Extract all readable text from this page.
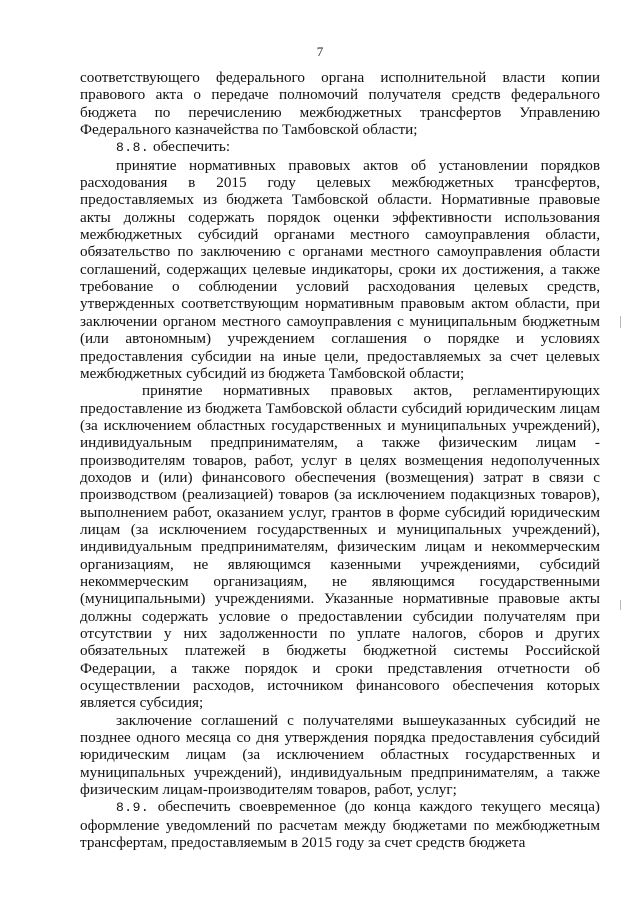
7

соответствующего федерального органа исполнительной власти копии правового акта о передаче полномочий получателя средств федерального бюджета по перечислению межбюджетных трансфертов Управлению Федерального казначейства по Тамбовской области;

8.8. обеспечить:

принятие нормативных правовых актов об установлении порядков расходования в 2015 году целевых межбюджетных трансфертов, предоставляемых из бюджета Тамбовской области. Нормативные правовые акты должны содержать порядок оценки эффективности использования межбюджетных субсидий органами местного самоуправления области, обязательство по заключению с органами местного самоуправления области соглашений, содержащих целевые индикаторы, сроки их достижения, а также требование о соблюдении условий расходования целевых средств, утвержденных соответствующим нормативным правовым актом области, при заключении органом местного самоуправления с муниципальным бюджетным (или автономным) учреждением соглашения о порядке и условиях предоставления субсидии на иные цели, предоставляемых за счет целевых межбюджетных субсидий из бюджета Тамбовской области;

принятие нормативных правовых актов, регламентирующих предоставление из бюджета Тамбовской области субсидий юридическим лицам (за исключением областных государственных и муниципальных учреждений), индивидуальным предпринимателям, а также физическим лицам - производителям товаров, работ, услуг в целях возмещения недополученных доходов и (или) финансового обеспечения (возмещения) затрат в связи с производством (реализацией) товаров (за исключением подакцизных товаров), выполнением работ, оказанием услуг, грантов в форме субсидий юридическим лицам (за исключением государственных и муниципальных учреждений), индивидуальным предпринимателям, физическим лицам и некоммерческим организациям, не являющимся казенными учреждениями, субсидий некоммерческим организациям, не являющимся государственными (муниципальными) учреждениями. Указанные нормативные правовые акты должны содержать условие о предоставлении субсидии получателям при отсутствии у них задолженности по уплате налогов, сборов и других обязательных платежей в бюджеты бюджетной системы Российской Федерации, а также порядок и сроки представления отчетности об осуществлении расходов, источником финансового обеспечения которых является субсидия;

заключение соглашений с получателями вышеуказанных субсидий не позднее одного месяца со дня утверждения порядка предоставления субсидий юридическим лицам (за исключением областных государственных и муниципальных учреждений), индивидуальным предпринимателям, а также физическим лицам-производителям товаров, работ, услуг;

8.9. обеспечить своевременное (до конца каждого текущего месяца) оформление уведомлений по расчетам между бюджетами по межбюджетным трансфертам, предоставляемым в 2015 году за счет средств бюджета
